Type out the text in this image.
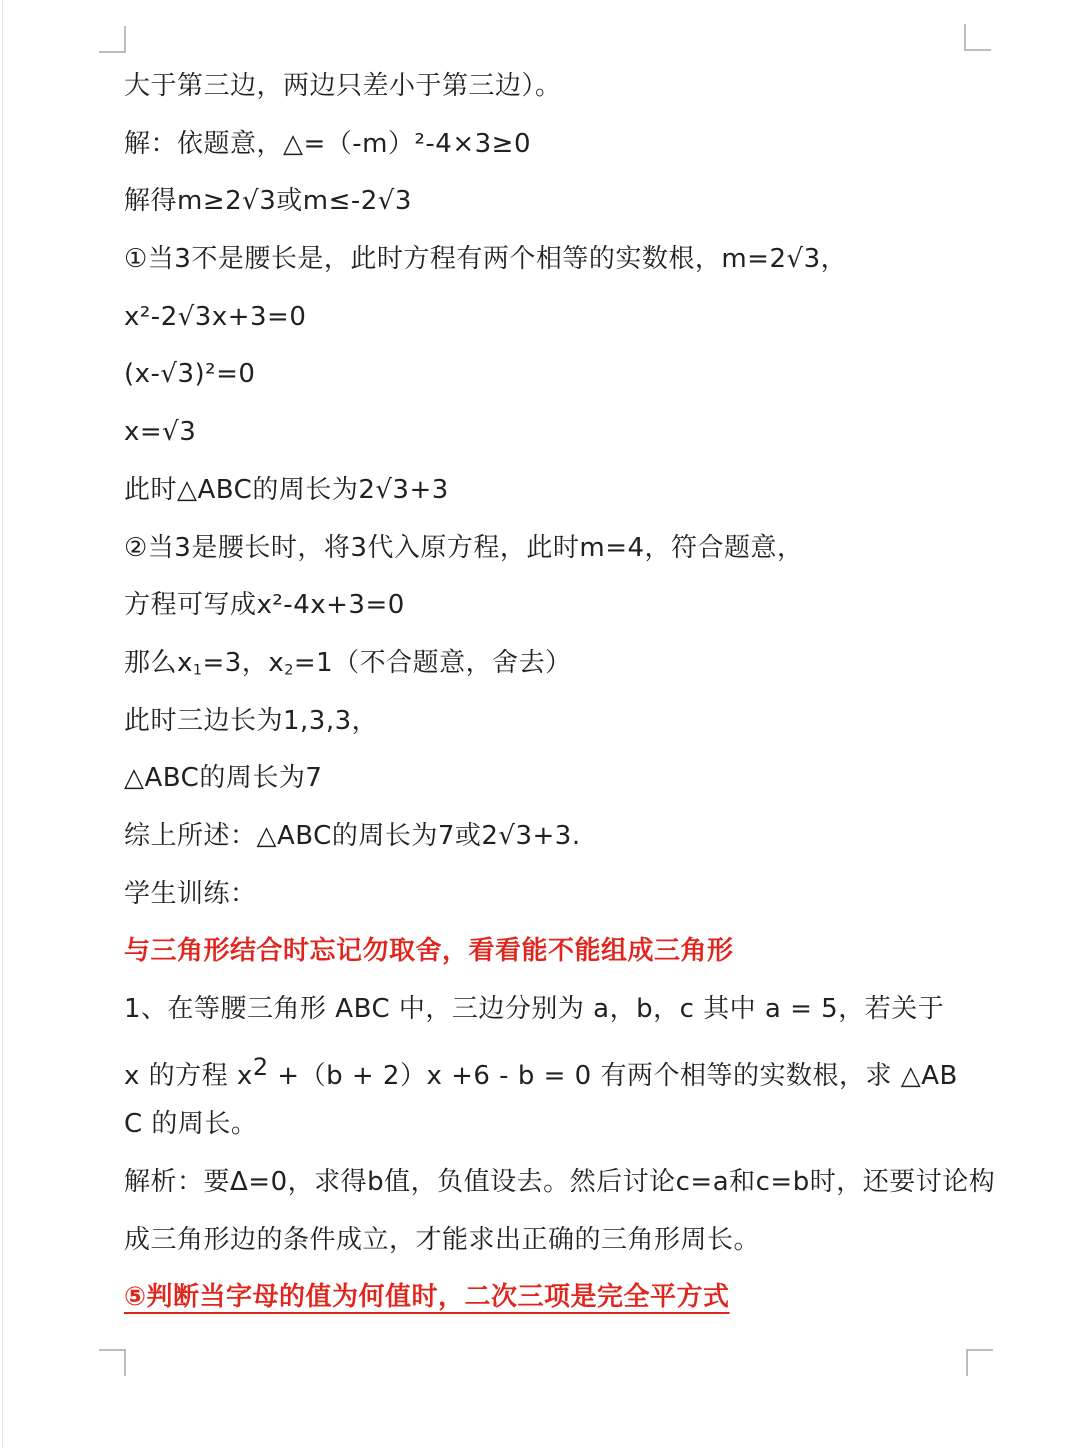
大于第三边，两边只差小于第三边）。
解：依题意，△=（-m）²-4×3≥0
解得m≥2√3或m≤-2√3
①当3不是腰长是，此时方程有两个相等的实数根，m=2√3，
x²-2√3x+3=0
(x-√3)²=0
x=√3
此时△ABC的周长为2√3+3
②当3是腰长时，将3代入原方程，此时m=4，符合题意，
方程可写成x²-4x+3=0
那么$x_1=3$，$x_2=1$（不合题意，舍去）
此时三边长为1,3,3，
△ABC的周长为7
综上所述：△ABC的周长为7或2√3+3.
学生训练：
与三角形结合时忘记勿取舍，看看能不能组成三角形
1、在等腰三角形 ABC 中，三边分别为 a，b，c 其中 a = 5，若关于
x 的方程 x2 +（b + 2）x +6 - b = 0 有两个相等的实数根，求 △AB
C 的周长。
解析：要Δ=0，求得b值，负值设去。然后讨论c=a和c=b时，还要讨论构
成三角形边的条件成立，才能求出正确的三角形周长。
⑤判断当字母的值为何值时，二次三项是完全平方式
